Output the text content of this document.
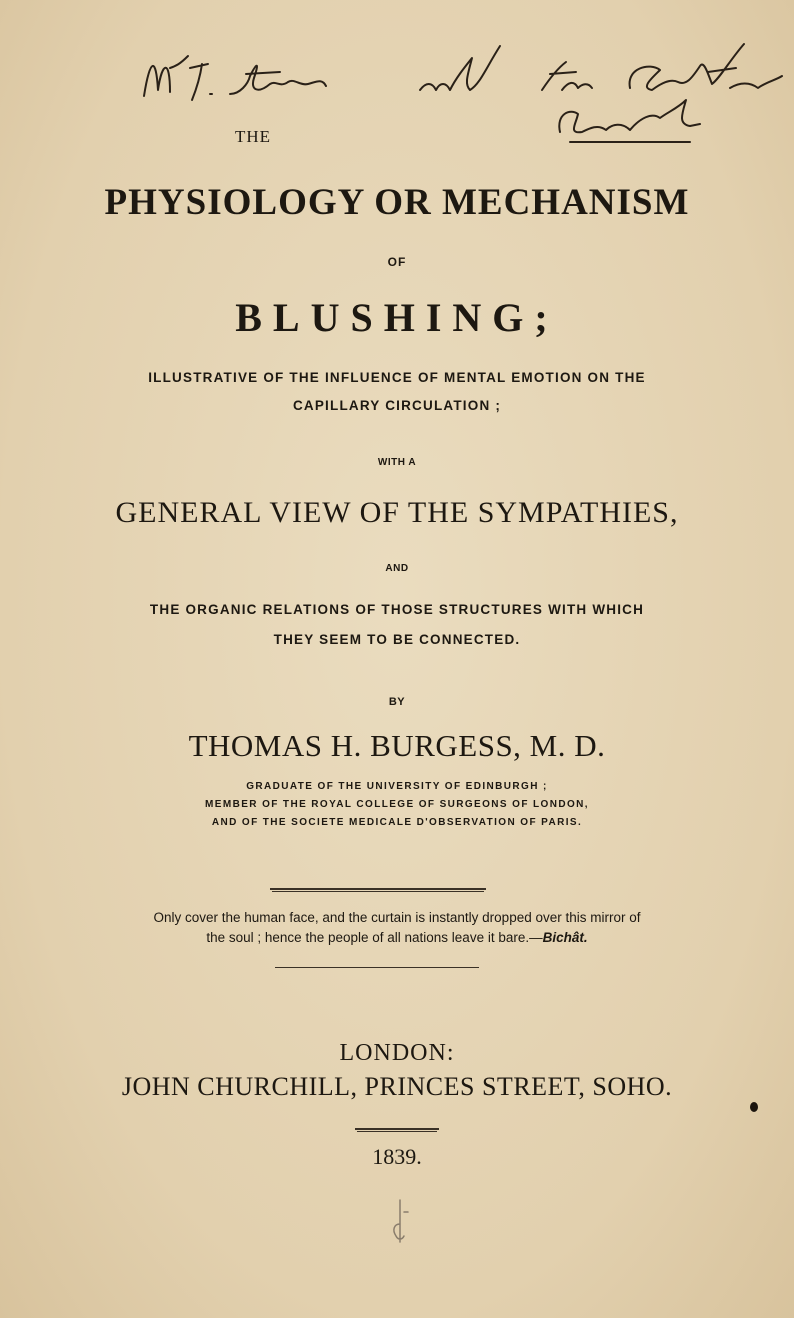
THE
PHYSIOLOGY OR MECHANISM
OF
BLUSHING;
ILLUSTRATIVE OF THE INFLUENCE OF MENTAL EMOTION ON THE
CAPILLARY CIRCULATION ;
WITH A
GENERAL VIEW OF THE SYMPATHIES,
AND
THE ORGANIC RELATIONS OF THOSE STRUCTURES WITH WHICH
THEY SEEM TO BE CONNECTED.
BY
THOMAS H. BURGESS, M. D.
GRADUATE OF THE UNIVERSITY OF EDINBURGH ;
MEMBER OF THE ROYAL COLLEGE OF SURGEONS OF LONDON,
AND OF THE SOCIETE MEDICALE D'OBSERVATION OF PARIS.
Only cover the human face, and the curtain is instantly dropped over this mirror of
the soul ; hence the people of all nations leave it bare.—Bichât.
LONDON:
JOHN CHURCHILL, PRINCES STREET, SOHO.
1839.
